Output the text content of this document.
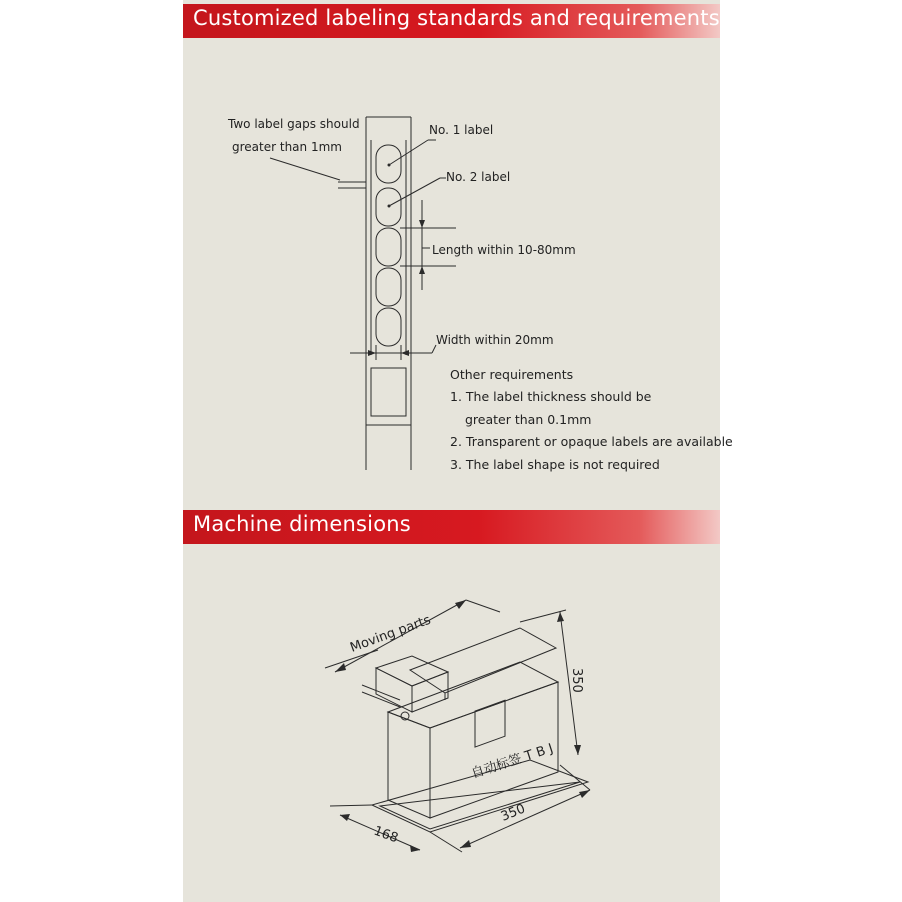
Customized labeling standards and requirements
Machine dimensions
Two label gaps should
greater than 1mm
No. 1 label
No. 2 label
Length within 10-80mm
Width within 20mm
Other requirements
1. The label thickness should be
greater than 0.1mm
2. Transparent or opaque labels are available
3. The label shape is not required
Moving parts
350
350
168
自动标签 T B J
